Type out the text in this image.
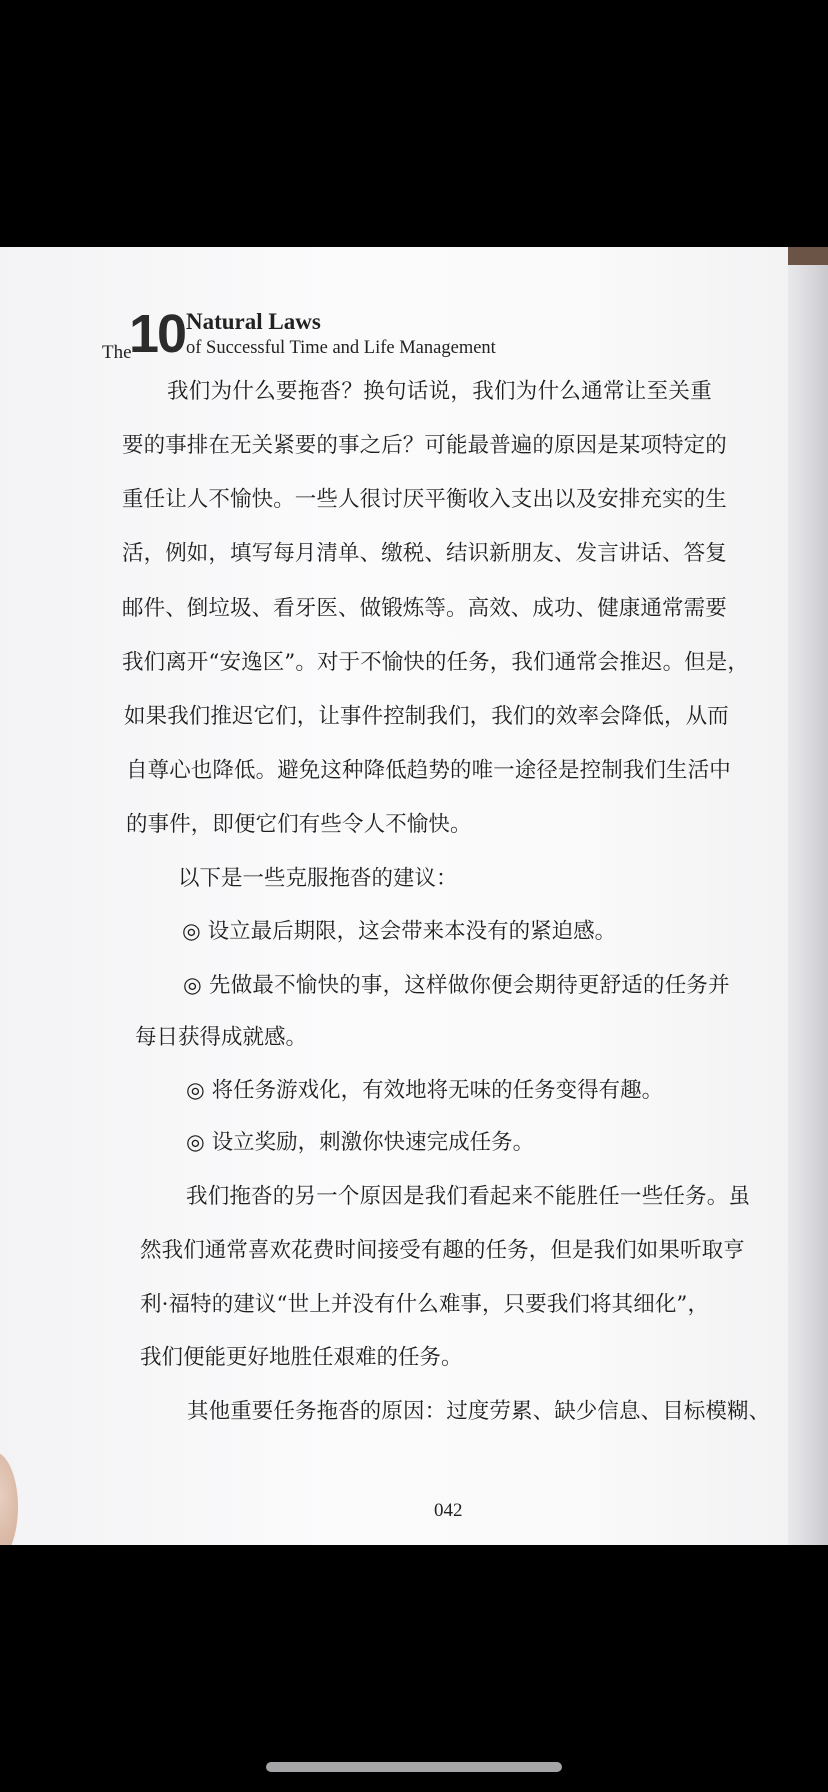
The
10 Natural Laws
of Successful Time and Life Management
我们为什么要拖沓？换句话说，我们为什么通常让至关重
要的事排在无关紧要的事之后？可能最普遍的原因是某项特定的
重任让人不愉快。一些人很讨厌平衡收入支出以及安排充实的生
活，例如，填写每月清单、缴税、结识新朋友、发言讲话、答复
邮件、倒垃圾、看牙医、做锻炼等。高效、成功、健康通常需要
我们离开“安逸区”。对于不愉快的任务，我们通常会推迟。但是，
如果我们推迟它们，让事件控制我们，我们的效率会降低，从而
自尊心也降低。避免这种降低趋势的唯一途径是控制我们生活中
的事件，即便它们有些令人不愉快。
以下是一些克服拖沓的建议：
◎ 设立最后期限，这会带来本没有的紧迫感。
◎ 先做最不愉快的事，这样做你便会期待更舒适的任务并
每日获得成就感。
◎ 将任务游戏化，有效地将无味的任务变得有趣。
◎ 设立奖励，刺激你快速完成任务。
我们拖沓的另一个原因是我们看起来不能胜任一些任务。虽
然我们通常喜欢花费时间接受有趣的任务，但是我们如果听取亨
利·福特的建议“世上并没有什么难事，只要我们将其细化”，
我们便能更好地胜任艰难的任务。
其他重要任务拖沓的原因：过度劳累、缺少信息、目标模糊、
042
